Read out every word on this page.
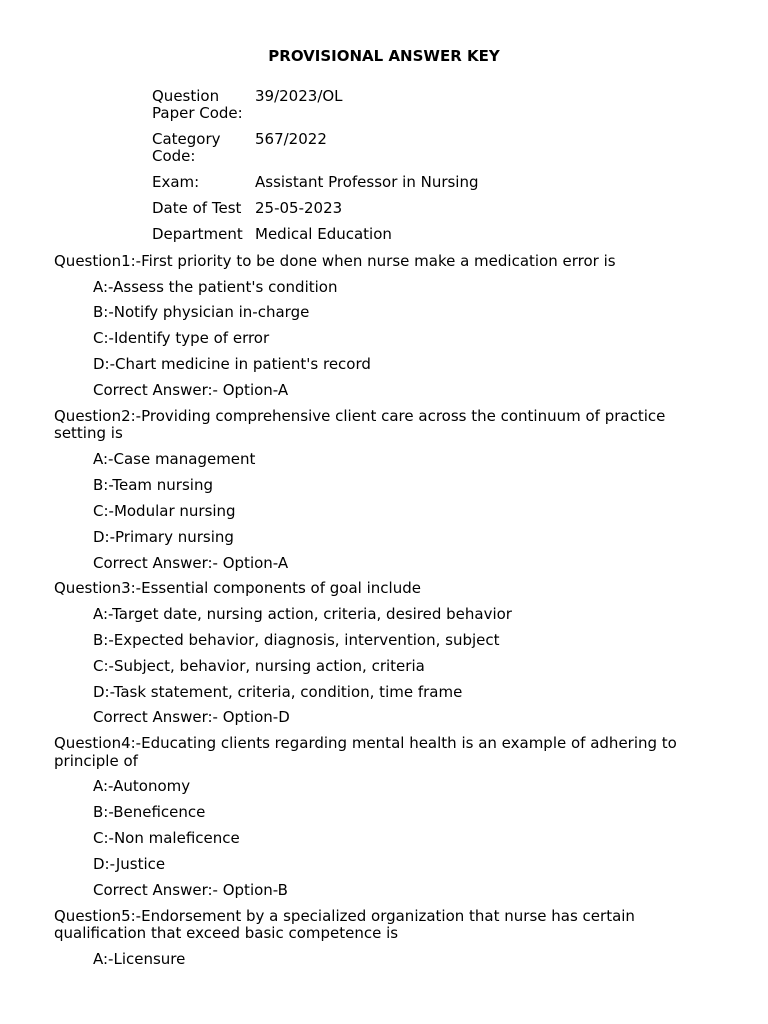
PROVISIONAL ANSWER KEY
Question Paper Code:
39/2023/OL
Category Code:
567/2022
Exam:	Assistant Professor in Nursing
Date of Test 25-05-2023
Department Medical Education
Question1:-First priority to be done when nurse make a medication error is
A:-Assess the patient's condition
B:-Notify physician in-charge
C:-Identify type of error
D:-Chart medicine in patient's record
Correct Answer:- Option-A
Question2:-Providing comprehensive client care across the continuum of practice setting is
A:-Case management
B:-Team nursing
C:-Modular nursing
D:-Primary nursing
Correct Answer:- Option-A
Question3:-Essential components of goal include
A:-Target date, nursing action, criteria, desired behavior
B:-Expected behavior, diagnosis, intervention, subject
C:-Subject, behavior, nursing action, criteria
D:-Task statement, criteria, condition, time frame
Correct Answer:- Option-D
Question4:-Educating clients regarding mental health is an example of adhering to principle of
A:-Autonomy
B:-Beneficence
C:-Non maleficence
D:-Justice
Correct Answer:- Option-B
Question5:-Endorsement by a specialized organization that nurse has certain qualification that exceed basic competence is
A:-Licensure
